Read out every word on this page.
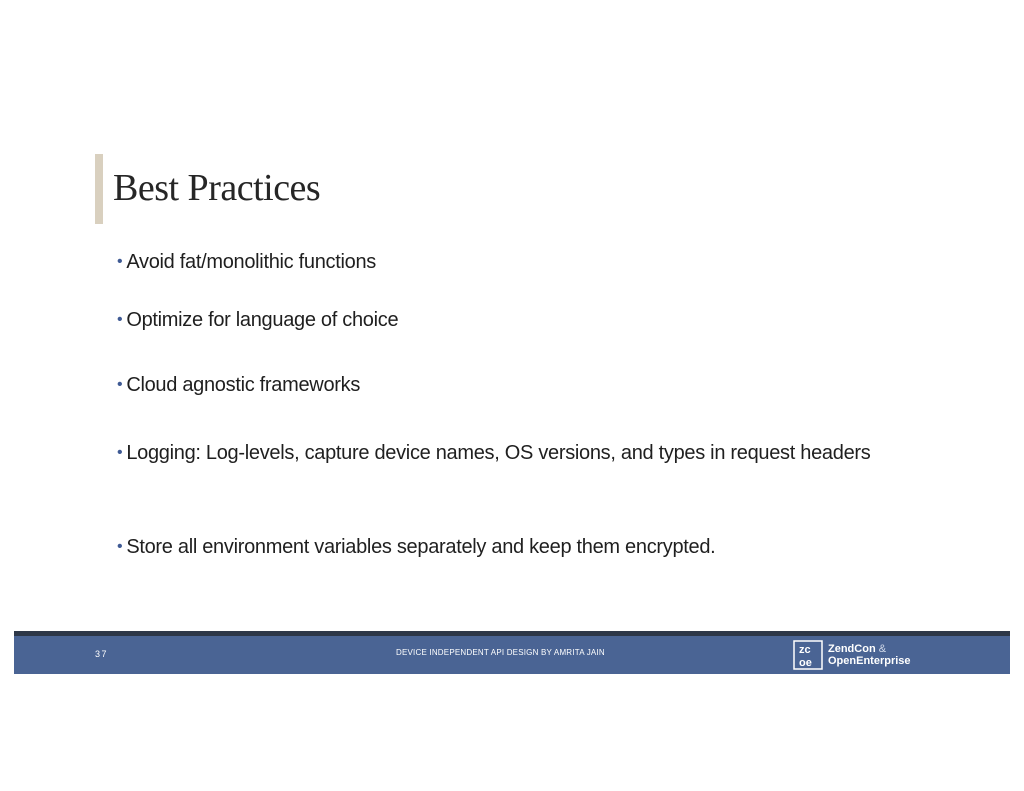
Best Practices
• Avoid fat/monolithic functions
• Optimize for language of choice
• Cloud agnostic frameworks
• Logging: Log-levels, capture device names, OS versions, and types in request headers
• Store all environment variables separately and keep them encrypted.
37	DEVICE INDEPENDENT API DESIGN BY AMRITA JAIN	zc
oe
ZendCon &
OpenEnterprise
